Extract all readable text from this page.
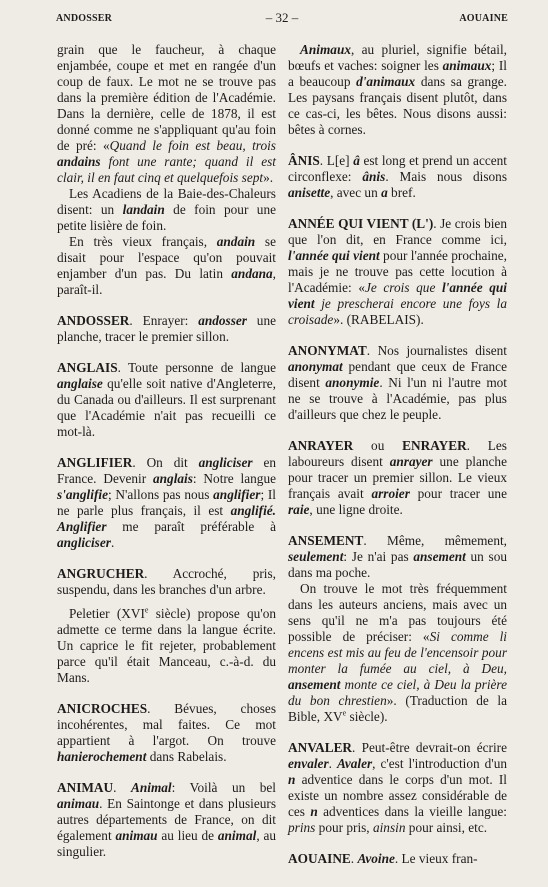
ANDOSSER	– 32 –	AOUAINE

grain que le faucheur, à chaque enjambée, coupe et met en rangée d'un coup de faux. Le mot ne se trouve pas dans la première édition de l'Académie. Dans la dernière, celle de 1878, il est donné comme ne s'appliquant qu'au foin de pré: «Quand le foin est beau, trois andains font une rante; quand il est clair, il en faut cinq et quelquefois sept».

Les Acadiens de la Baie-des-Chaleurs disent: un landain de foin pour une petite lisière de foin.

En très vieux français, andain se disait pour l'espace qu'on pouvait enjamber d'un pas. Du latin andana, paraît-il.

ANDOSSER. Enrayer: andosser une planche, tracer le premier sillon.

ANGLAIS. Toute personne de langue anglaise qu'elle soit native d'Angleterre, du Canada ou d'ailleurs. Il est surprenant que l'Académie n'ait pas recueilli ce mot-là.

ANGLIFIER. On dit angliciser en France. Devenir anglais: Notre langue s'anglifie; N'allons pas nous anglifier; Il ne parle plus français, il est anglifié. Anglifier me paraît préférable à angliciser.

ANGRUCHER. Accroché, pris, suspendu, dans les branches d'un arbre.

Peletier (XVIe siècle) propose qu'on admette ce terme dans la langue écrite. Un caprice le fit rejeter, probablement parce qu'il était Manceau, c.-à-d. du Mans.

ANICROCHES. Bévues, choses incohérentes, mal faites. Ce mot appartient à l'argot. On trouve hanierochement dans Rabelais.

ANIMAU. Animal: Voilà un bel animau. En Saintonge et dans plusieurs autres départements de France, on dit également animau au lieu de animal, au singulier.

Animaux, au pluriel, signifie bétail, bœufs et vaches: soigner les animaux; Il a beaucoup d'animaux dans sa grange. Les paysans français disent plutôt, dans ce cas-ci, les bêtes. Nous disons aussi: bêtes à cornes.

ÂNIS. L[e] â est long et prend un accent circonflexe: ânis. Mais nous disons anisette, avec un a bref.

ANNÉE QUI VIENT (L'). Je crois bien que l'on dit, en France comme ici, l'année qui vient pour l'année prochaine, mais je ne trouve pas cette locution à l'Académie: «Je crois que l'année qui vient je prescherai encore une foys la croisade». (RABELAIS).

ANONYMAT. Nos journalistes disent anonymat pendant que ceux de France disent anonymie. Ni l'un ni l'autre mot ne se trouve à l'Académie, pas plus d'ailleurs que chez le peuple.

ANRAYER ou ENRAYER. Les laboureurs disent anrayer une planche pour tracer un premier sillon. Le vieux français avait arroier pour tracer une raie, une ligne droite.

ANSEMENT. Même, mêmement, seulement: Je n'ai pas ansement un sou dans ma poche.

On trouve le mot très fréquemment dans les auteurs anciens, mais avec un sens qu'il ne m'a pas toujours été possible de préciser: «Si comme li encens est mis au feu de l'encensoir pour monter la fumée au ciel, à Deu, ansement monte ce ciel, à Deu la prière du bon chrestien». (Traduction de la Bible, XVe siècle).

ANVALER. Peut-être devrait-on écrire envaler. Avaler, c'est l'introduction d'un n adventice dans le corps d'un mot. Il existe un nombre assez considérable de ces n adventices dans la vieille langue: prins pour pris, ainsin pour ainsi, etc.

AOUAINE. Avoine. Le vieux fran-
